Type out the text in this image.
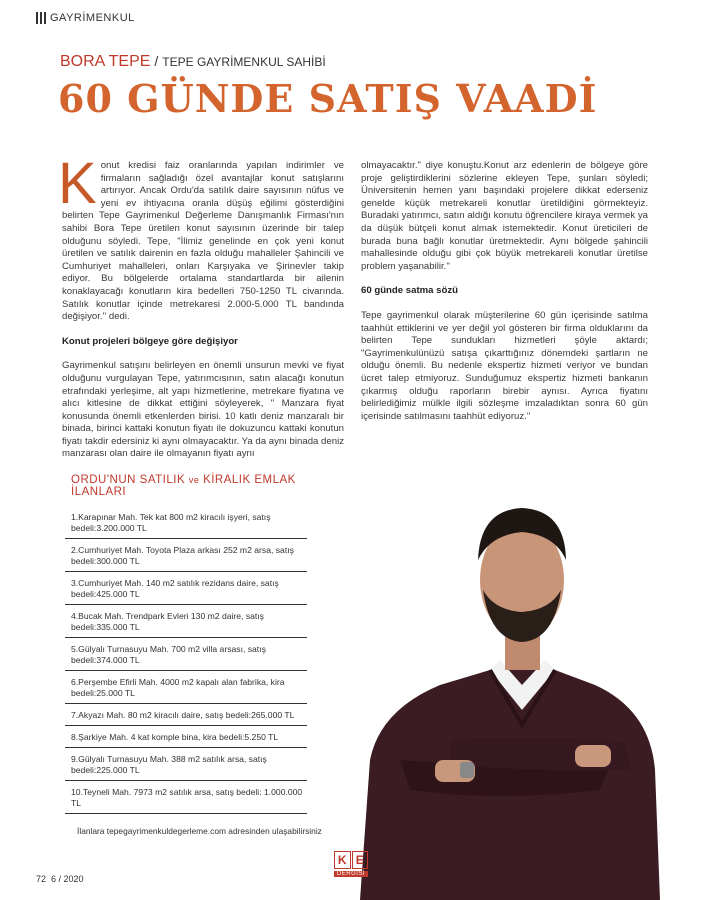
GAYRİMENKUL
BORA TEPE / TEPE GAYRİMENKUL SAHİBİ
60 GÜNDE SATIŞ VAADİ

Konut kredisi faiz oranlarında yapılan indirimler ve firmaların sağladığı özel avantajlar konut satışlarını artırıyor. Ancak Ordu'da satılık daire sayısının nüfus ve yeni ev ihtiyacına oranla düşüş eğilimi gösterdiğini belirten Tepe Gayrimenkul Değerleme Danışmanlık Firması'nın sahibi Bora Tepe üretilen konut sayısının üzerinde bir talep olduğunu söyledi. Tepe, "İlimiz genelinde en çok yeni konut üretilen ve satılık dairenin en fazla olduğu mahalleler Şahincili ve Cumhuriyet mahalleleri, onları Karşıyaka ve Şirinevler takip ediyor. Bu bölgelerde ortalama standartlarda bir ailenin konaklayacağı konutların kira bedelleri 750-1250 TL civarında. Satılık konutlar içinde metrekaresi 2.000-5.000 TL bandında değişiyor.'' dedi.

Konut projeleri bölgeye göre değişiyor

Gayrimenkul satışını belirleyen en önemli unsurun mevki ve fiyat olduğunu vurgulayan Tepe, yatırımcısının, satın alacağı konutun etrafındaki yerleşime, alt yapı hizmetlerine, metrekare fiyatına ve alıcı kitlesine de dikkat ettiğini söyleyerek, " Manzara fiyat konusunda önemli etkenlerden birisi. 10 katlı deniz manzaralı bir binada, birinci kattaki konutun fiyatı ile dokuzuncu kattaki konutun fiyatı takdir edersiniz ki aynı olmayacaktır. Ya da aynı binada deniz manzarası olan daire ile olmayanın fiyatı aynı

olmayacaktır." diye konuştu.Konut arz edenlerin de bölgeye göre proje geliştirdiklerini sözlerine ekleyen Tepe, şunları söyledi; Üniversitenin hemen yanı başındaki projelere dikkat ederseniz genelde küçük metrekareli konutlar üretildiğini görmekteyiz. Buradaki yatırımcı, satın aldığı konutu öğrencilere kiraya vermek ya da düşük bütçeli konut almak istemektedir. Konut üreticileri de burada buna bağlı konutlar üretmektedir. Aynı bölgede şahincili mahallesinde olduğu gibi çok büyük metrekareli konutlar üretilse problem yaşanabilir."

60 günde satma sözü

Tepe gayrimenkul olarak müşterilerine 60 gün içerisinde satılma taahhüt ettiklerini ve yer değil yol gösteren bir firma olduklarını da belirten Tepe sundukları hizmetleri şöyle aktardı; "Gayrimenkulünüzü satışa çıkarttığınız dönemdeki şartların ne olduğu önemli. Bu nedenle ekspertiz hizmeti veriyor ve bundan ücret talep etmiyoruz. Sunduğumuz ekspertiz hizmeti bankanın çıkarmış olduğu raporların birebir aynısı. Ayrıca fiyatını belirlediğimiz mülkle ilgili sözleşme imzaladıktan sonra 60 gün içerisinde satılmasını taahhüt ediyoruz."

ORDU'NUN SATILIK ve KİRALIK EMLAK İLANLARI
1.Karapınar Mah. Tek kat 800 m2 kiracılı işyeri, satış bedeli:3.200.000 TL
2.Cumhuriyet Mah. Toyota Plaza arkası 252 m2 arsa, satış bedeli:300.000 TL
3.Cumhuriyet Mah. 140 m2 satılık rezidans daire, satış bedeli:425.000 TL
4.Bucak Mah. Trendpark Evleri 130 m2 daire, satış bedeli:335.000 TL
5.Gülyalı Turnasuyu Mah. 700 m2 villa arsası, satış bedeli:374.000 TL
6.Perşembe Efirli Mah. 4000 m2 kapalı alan fabrika, kira bedeli:25.000 TL
7.Akyazı Mah. 80 m2 kiracılı daire, satış bedeli:265.000 TL
8.Şarkiye Mah. 4 kat komple bina, kira bedeli:5.250 TL
9.Gülyalı Turnasuyu Mah. 388 m2 satılık arsa, satış bedeli:225.000 TL
10.Teyneli Mah. 7973 m2 satılık arsa, satış bedeli: 1.000.000 TL
İlanlara tepegayrimenkuldegerleme.com adresinden ulaşabilirsiniz
72 6 / 2020
K E
DERGİSİ
